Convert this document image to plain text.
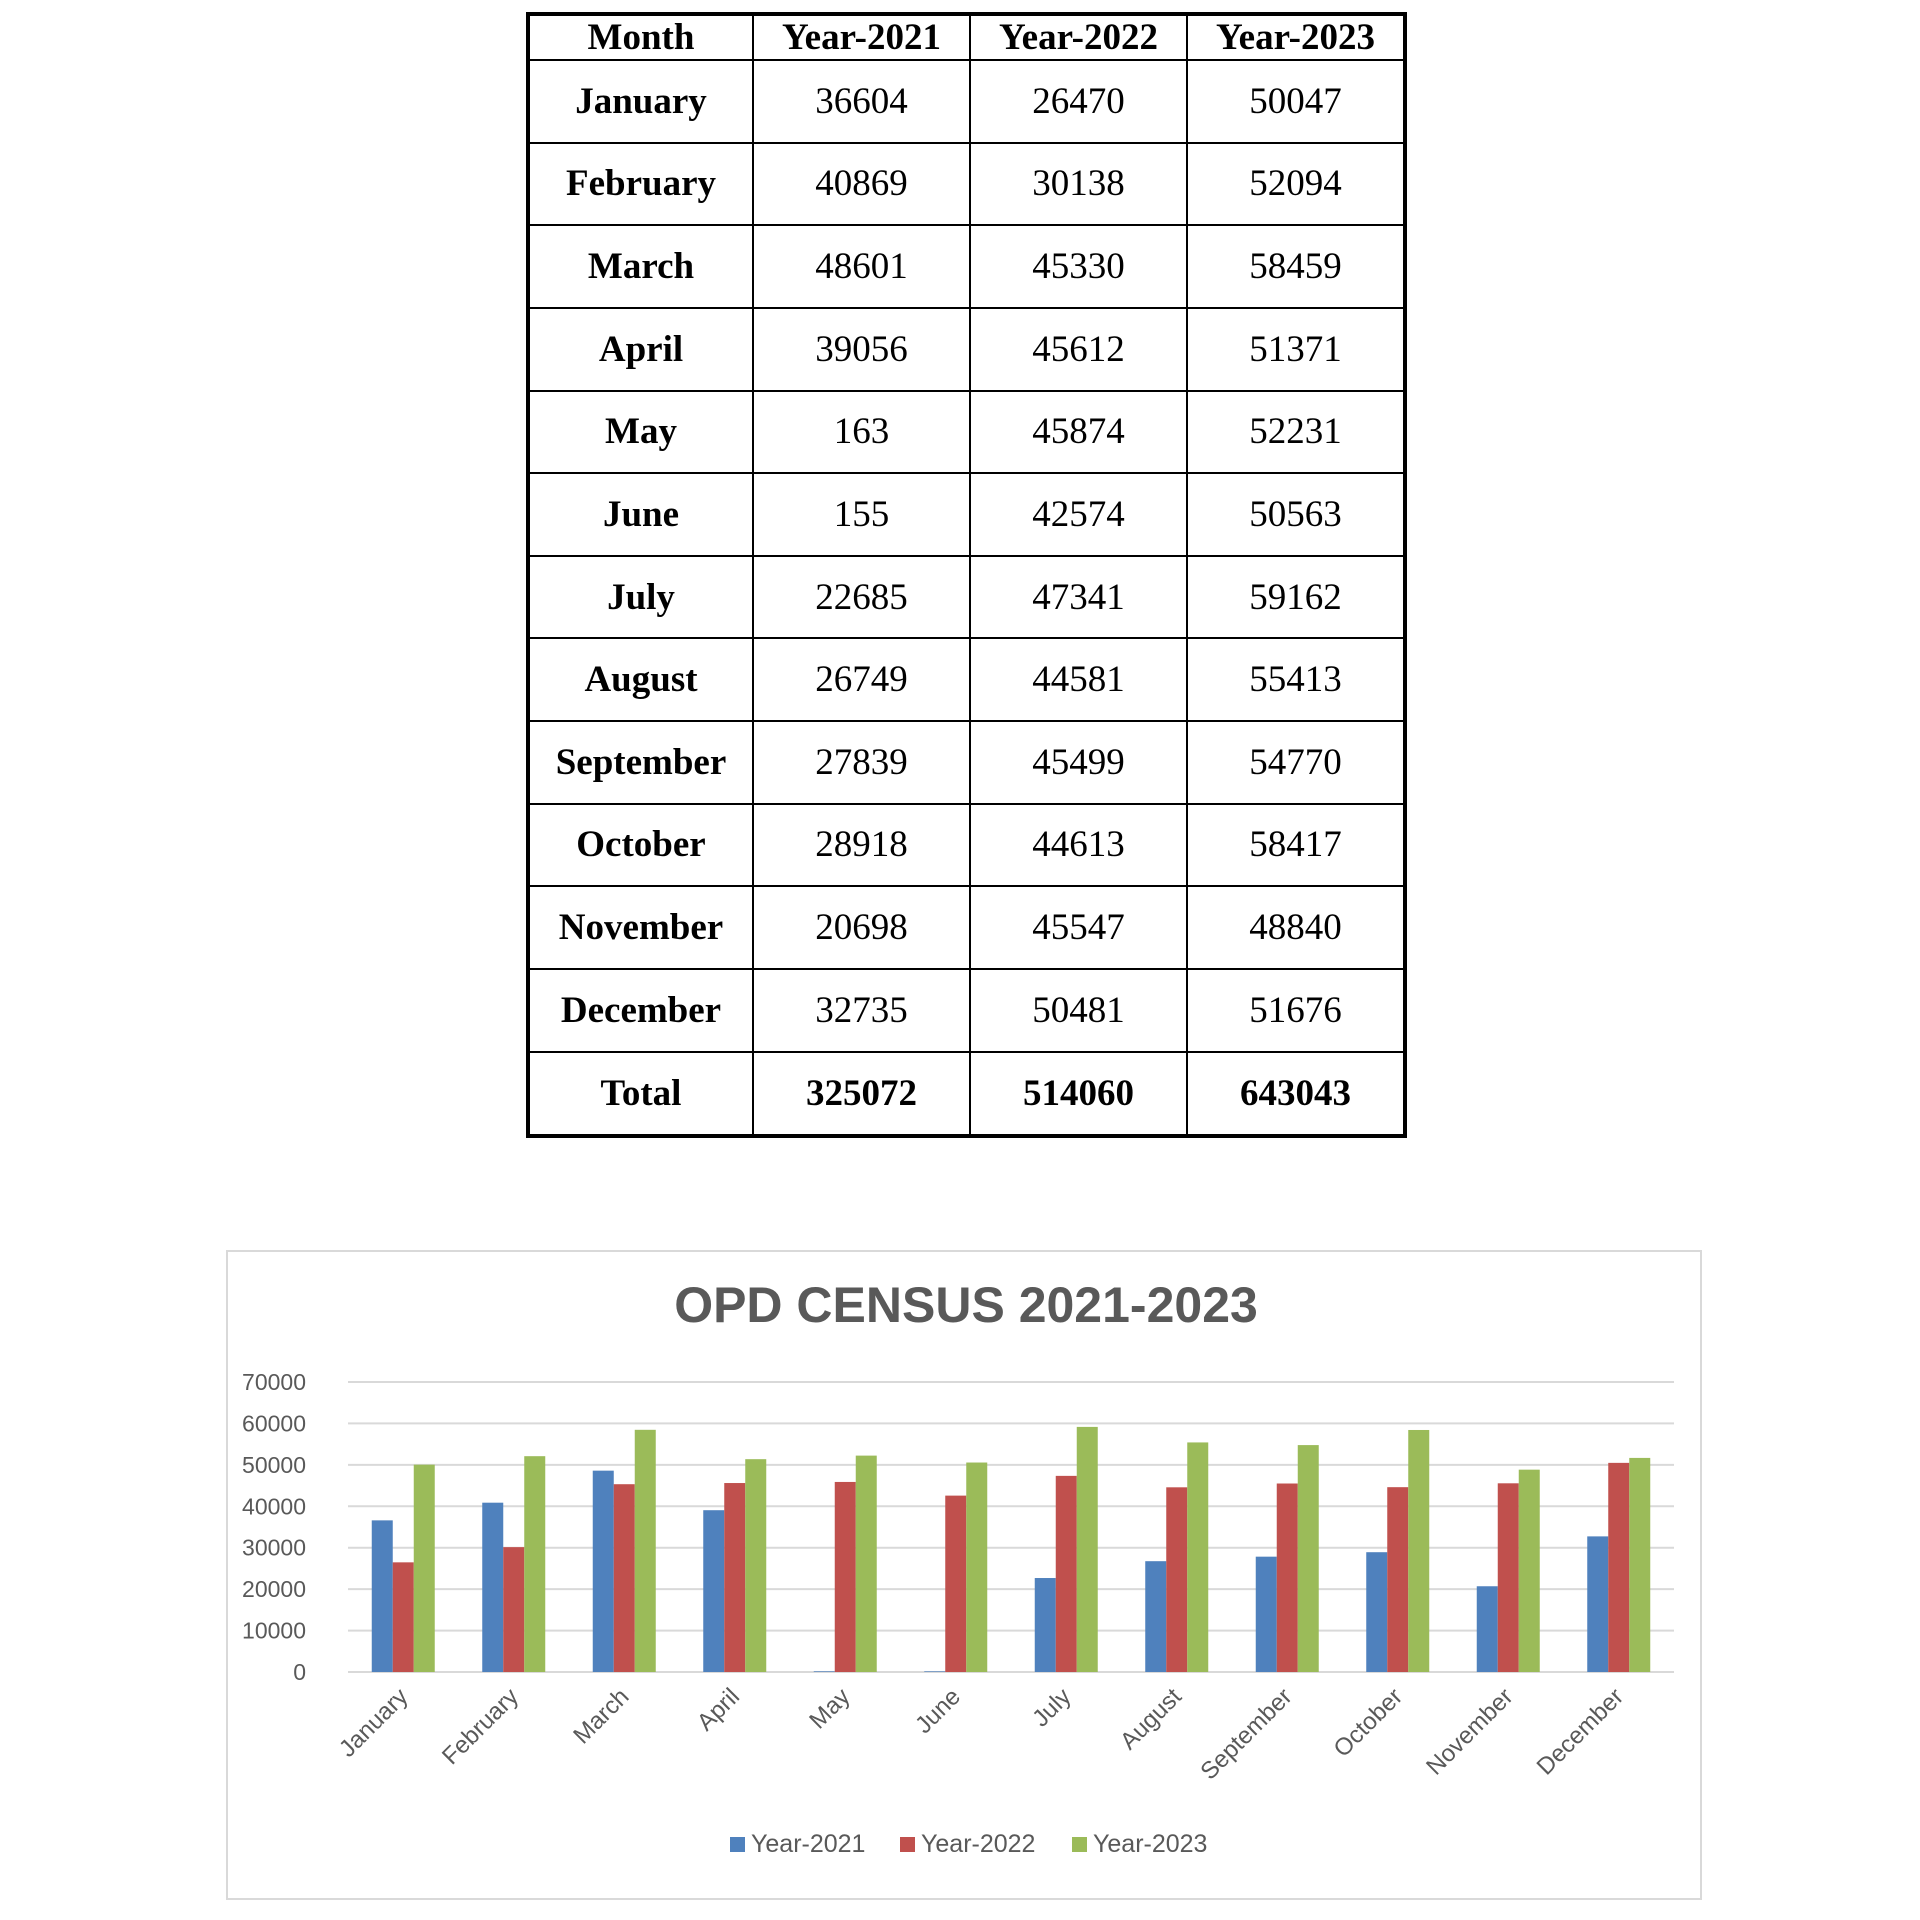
Month	Year-2021	Year-2022	Year-2023
January	36604	26470	50047
February	40869	30138	52094
March	48601	45330	58459
April	39056	45612	51371
May	163	45874	52231
June	155	42574	50563
July	22685	47341	59162
August	26749	44581	55413
September	27839	45499	54770
October	28918	44613	58417
November	20698	45547	48840
December	32735	50481	51676
Total	325072	514060	643043
OPD CENSUS 2021-2023
0
10000
20000
30000
40000
50000
60000
70000
January February March April May June	July August September October November December
Year-2021 Year-2022 Year-2023
